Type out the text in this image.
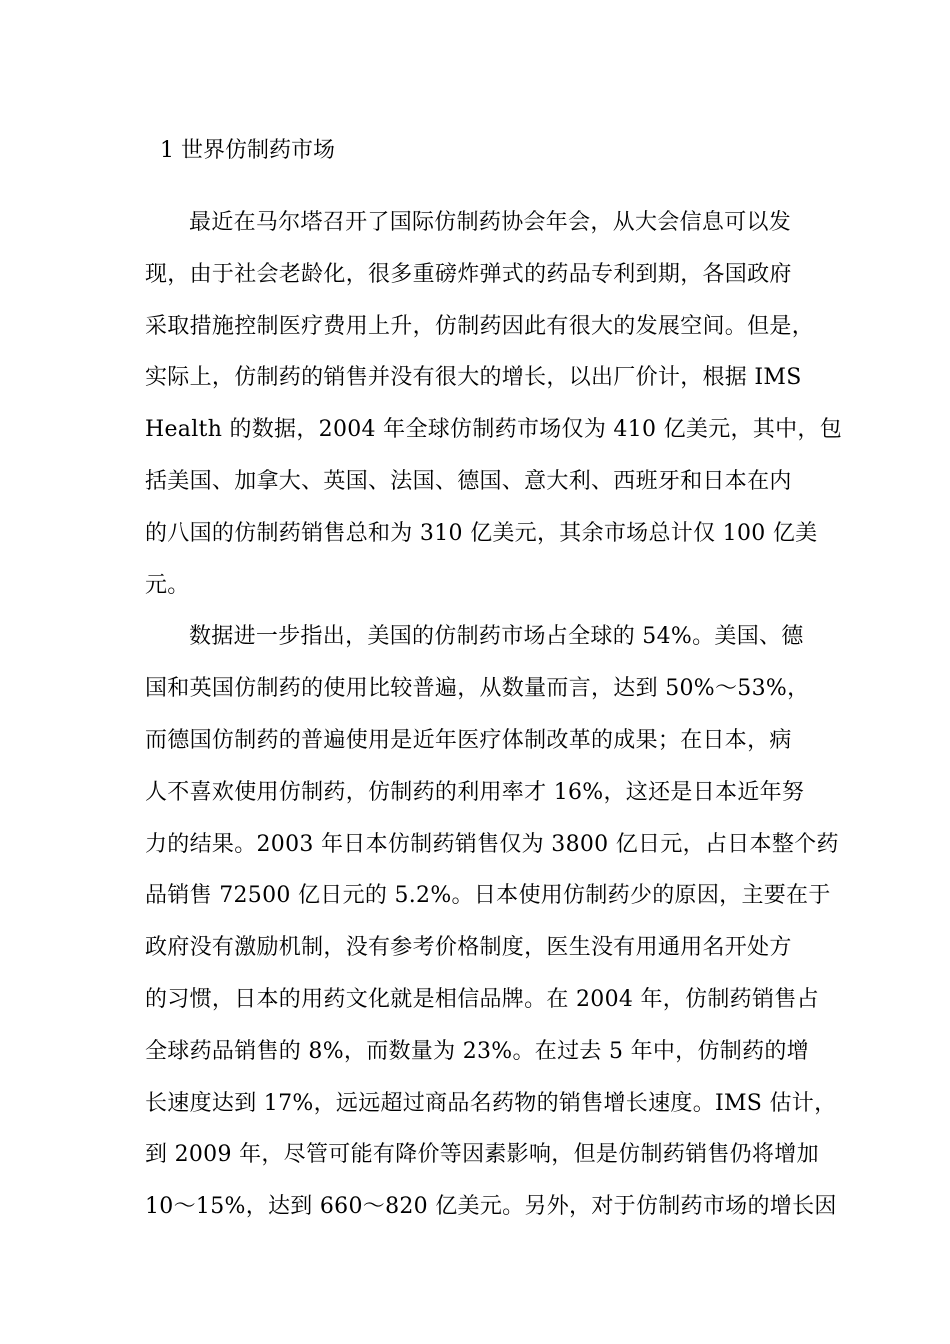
1 世界仿制药市场
最近在马尔塔召开了国际仿制药协会年会，从大会信息可以发
现，由于社会老龄化，很多重磅炸弹式的药品专利到期，各国政府
采取措施控制医疗费用上升，仿制药因此有很大的发展空间。但是，
实际上，仿制药的销售并没有很大的增长，以出厂价计，根据 IMS
Health 的数据，2004 年全球仿制药市场仅为 410 亿美元，其中，包
括美国、加拿大、英国、法国、德国、意大利、西班牙和日本在内
的八国的仿制药销售总和为 310 亿美元，其余市场总计仅 100 亿美
元。
数据进一步指出，美国的仿制药市场占全球的 54%。美国、德
国和英国仿制药的使用比较普遍，从数量而言，达到 50%～53%，
而德国仿制药的普遍使用是近年医疗体制改革的成果；在日本，病
人不喜欢使用仿制药，仿制药的利用率才 16%，这还是日本近年努
力的结果。2003 年日本仿制药销售仅为 3800 亿日元，占日本整个药
品销售 72500 亿日元的 5.2%。日本使用仿制药少的原因，主要在于
政府没有激励机制，没有参考价格制度，医生没有用通用名开处方
的习惯，日本的用药文化就是相信品牌。在 2004 年，仿制药销售占
全球药品销售的 8%，而数量为 23%。在过去 5 年中，仿制药的增
长速度达到 17%，远远超过商品名药物的销售增长速度。IMS 估计，
到 2009 年，尽管可能有降价等因素影响，但是仿制药销售仍将增加
10～15%，达到 660～820 亿美元。另外，对于仿制药市场的增长因
